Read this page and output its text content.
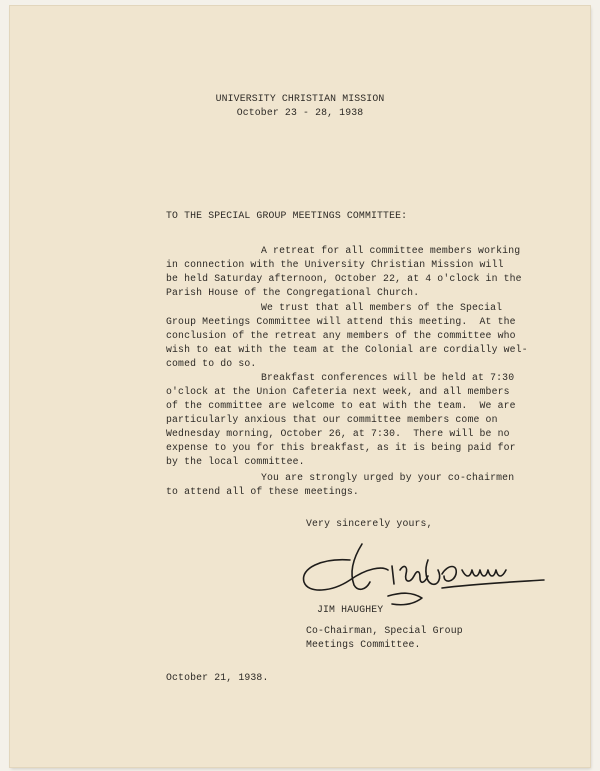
UNIVERSITY CHRISTIAN MISSION
October 23 - 28, 1938
TO THE SPECIAL GROUP MEETINGS COMMITTEE:
A retreat for all committee members working
in connection with the University Christian Mission will
be held Saturday afternoon, October 22, at 4 o'clock in the
Parish House of the Congregational Church.
We trust that all members of the Special
Group Meetings Committee will attend this meeting.  At the
conclusion of the retreat any members of the committee who
wish to eat with the team at the Colonial are cordially wel-
comed to do so.
Breakfast conferences will be held at 7:30
o'clock at the Union Cafeteria next week, and all members
of the committee are welcome to eat with the team.  We are
particularly anxious that our committee members come on
Wednesday morning, October 26, at 7:30.  There will be no
expense to you for this breakfast, as it is being paid for
by the local committee.
You are strongly urged by your co-chairmen
to attend all of these meetings.
Very sincerely yours,
JIM HAUGHEY
Co-Chairman, Special Group
Meetings Committee.
October 21, 1938.
